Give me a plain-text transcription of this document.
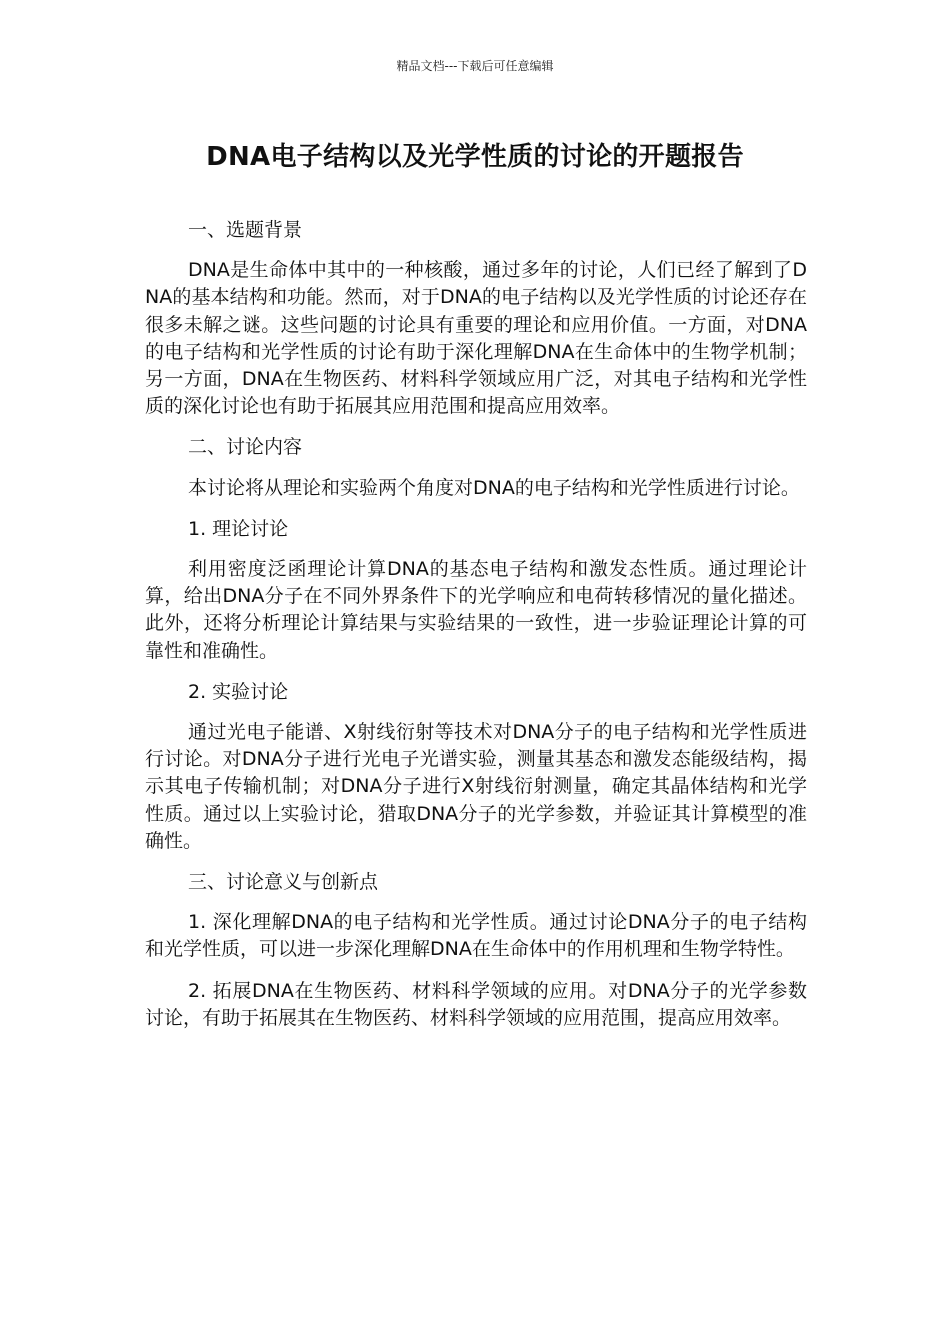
精品文档---下载后可任意编辑
DNA电子结构以及光学性质的讨论的开题报告

一、选题背景

DNA是生命体中其中的一种核酸，通过多年的讨论，人们已经了解到了DNA的基本结构和功能。然而，对于DNA的电子结构以及光学性质的讨论还存在很多未解之谜。这些问题的讨论具有重要的理论和应用价值。一方面，对DNA的电子结构和光学性质的讨论有助于深化理解DNA在生命体中的生物学机制；另一方面，DNA在生物医药、材料科学领域应用广泛，对其电子结构和光学性质的深化讨论也有助于拓展其应用范围和提高应用效率。

二、讨论内容

本讨论将从理论和实验两个角度对DNA的电子结构和光学性质进行讨论。

1. 理论讨论

利用密度泛函理论计算DNA的基态电子结构和激发态性质。通过理论计算，给出DNA分子在不同外界条件下的光学响应和电荷转移情况的量化描述。此外，还将分析理论计算结果与实验结果的一致性，进一步验证理论计算的可靠性和准确性。

2. 实验讨论

通过光电子能谱、X射线衍射等技术对DNA分子的电子结构和光学性质进行讨论。对DNA分子进行光电子光谱实验，测量其基态和激发态能级结构，揭示其电子传输机制；对DNA分子进行X射线衍射测量，确定其晶体结构和光学性质。通过以上实验讨论，猎取DNA分子的光学参数，并验证其计算模型的准确性。

三、讨论意义与创新点

1. 深化理解DNA的电子结构和光学性质。通过讨论DNA分子的电子结构和光学性质，可以进一步深化理解DNA在生命体中的作用机理和生物学特性。

2. 拓展DNA在生物医药、材料科学领域的应用。对DNA分子的光学参数讨论，有助于拓展其在生物医药、材料科学领域的应用范围，提高应用效率。
